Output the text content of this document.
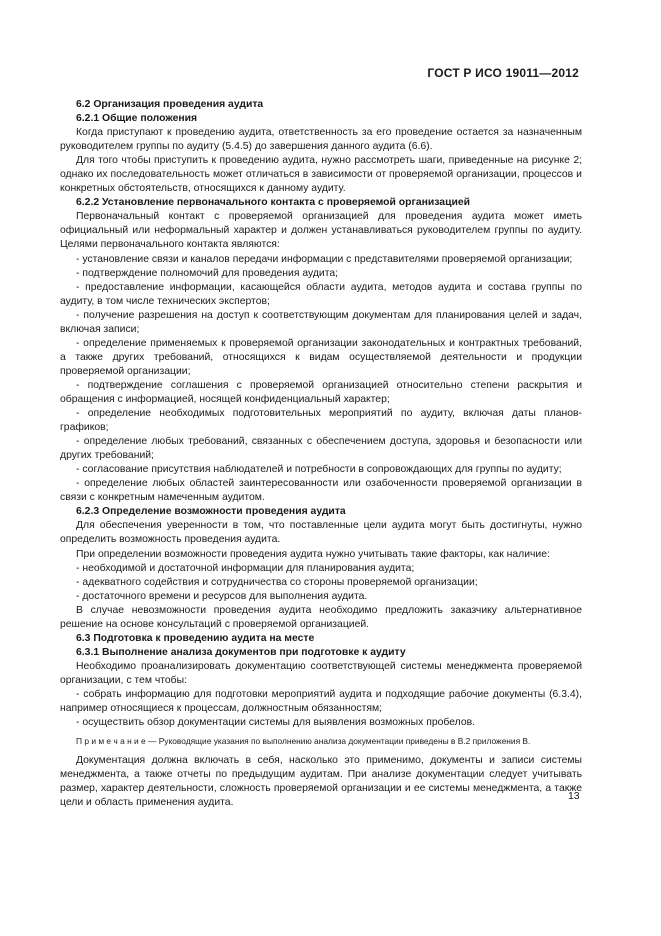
ГОСТ Р ИСО 19011—2012

6.2 Организация проведения аудита

6.2.1 Общие положения

Когда приступают к проведению аудита, ответственность за его проведение остается за назначенным руководителем группы по аудиту (5.4.5) до завершения данного аудита (6.6).

Для того чтобы приступить к проведению аудита, нужно рассмотреть шаги, приведенные на рисунке 2; однако их последовательность может отличаться в зависимости от проверяемой организации, процессов и конкретных обстоятельств, относящихся к данному аудиту.

6.2.2 Установление первоначального контакта с проверяемой организацией

Первоначальный контакт с проверяемой организацией для проведения аудита может иметь официальный или неформальный характер и должен устанавливаться руководителем группы по аудиту. Целями первоначального контакта являются:

- установление связи и каналов передачи информации с представителями проверяемой организации;

- подтверждение полномочий для проведения аудита;

- предоставление информации, касающейся области аудита, методов аудита и состава группы по аудиту, в том числе технических экспертов;

- получение разрешения на доступ к соответствующим документам для планирования целей и задач, включая записи;

- определение применяемых к проверяемой организации законодательных и контрактных требований, а также других требований, относящихся к видам осуществляемой деятельности и продукции проверяемой организации;

- подтверждение соглашения с проверяемой организацией относительно степени раскрытия и обращения с информацией, носящей конфиденциальный характер;

- определение необходимых подготовительных мероприятий по аудиту, включая даты планов-графиков;

- определение любых требований, связанных с обеспечением доступа, здоровья и безопасности или других требований;

- согласование присутствия наблюдателей и потребности в сопровождающих для группы по аудиту;

- определение любых областей заинтересованности или озабоченности проверяемой организации в связи с конкретным намеченным аудитом.

6.2.3 Определение возможности проведения аудита

Для обеспечения уверенности в том, что поставленные цели аудита могут быть достигнуты, нужно определить возможность проведения аудита.

При определении возможности проведения аудита нужно учитывать такие факторы, как наличие:

- необходимой и достаточной информации для планирования аудита;

- адекватного содействия и сотрудничества со стороны проверяемой организации;

- достаточного времени и ресурсов для выполнения аудита.

В случае невозможности проведения аудита необходимо предложить заказчику альтернативное решение на основе консультаций с проверяемой организацией.

6.3 Подготовка к проведению аудита на месте

6.3.1 Выполнение анализа документов при подготовке к аудиту

Необходимо проанализировать документацию соответствующей системы менеджмента проверяемой организации, с тем чтобы:

- собрать информацию для подготовки мероприятий аудита и подходящие рабочие документы (6.3.4), например относящиеся к процессам, должностным обязанностям;

- осуществить обзор документации системы для выявления возможных пробелов.

П р и м е ч а н и е — Руководящие указания по выполнению анализа документации приведены в В.2 приложения В.

Документация должна включать в себя, насколько это применимо, документы и записи системы менеджмента, а также отчеты по предыдущим аудитам. При анализе документации следует учитывать размер, характер деятельности, сложность проверяемой организации и ее системы менеджмента, а также цели и область применения аудита.

13
